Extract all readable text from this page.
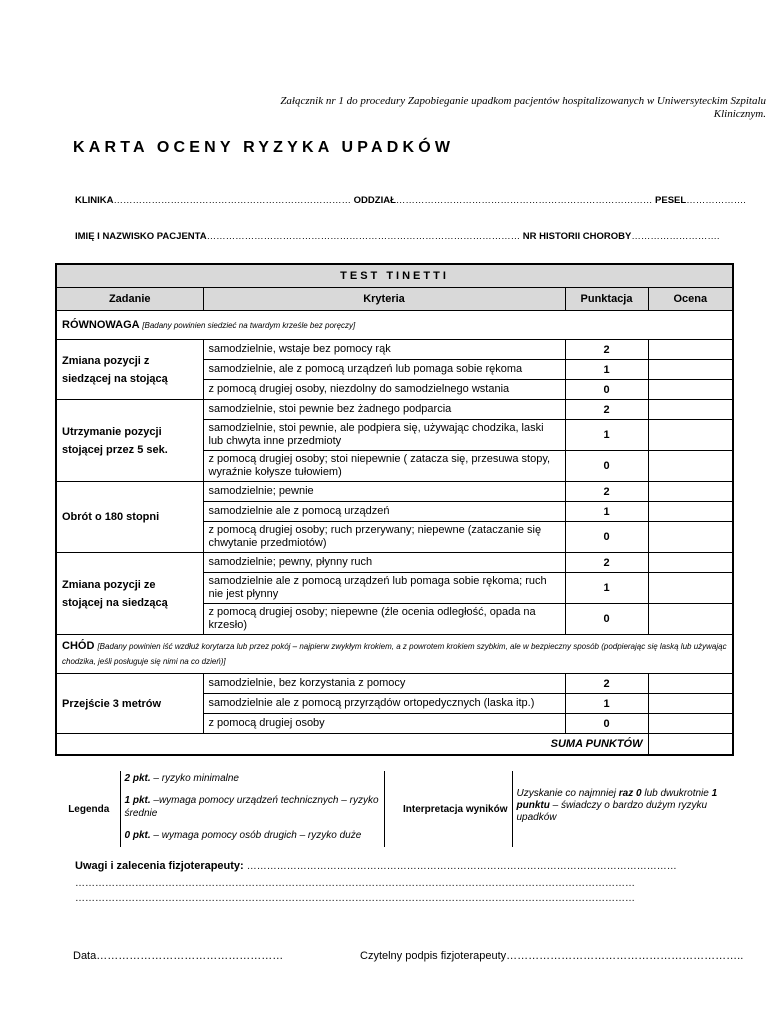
Załącznik nr 1 do procedury Zapobieganie upadkom pacjentów hospitalizowanych w Uniwersyteckim Szpitalu
Klinicznym.
KARTA OCENY RYZYKA UPADKÓW
KLINIKA………………………………………………………………… ODDZIAŁ……………………………………………………………………… PESEL……………….
IMIĘ I NAZWISKO PACJENTA……………………………………………………………………………………… NR HISTORII CHOROBY……………………….
TEST TINETTI			
Zadanie	Kryteria	Punktacja	Ocena
RÓWNOWAGA [Badany powinien siedzieć na twardym krześle bez poręczy]			
Zmiana pozycji z siedzącej na stojącą	samodzielnie, wstaje bez pomocy rąk	2	
	samodzielnie, ale z pomocą urządzeń lub pomaga sobie rękoma	1	
	z pomocą drugiej osoby, niezdolny do samodzielnego wstania	0	
Utrzymanie pozycji stojącej przez 5 sek.	samodzielnie, stoi pewnie bez żadnego podparcia	2	
	samodzielnie, stoi pewnie, ale podpiera się, używając chodzika, laski lub chwyta inne przedmioty	1	
	z pomocą drugiej osoby; stoi niepewnie ( zatacza się, przesuwa stopy, wyraźnie kołysze tułowiem)	0	
Obrót o 180 stopni	samodzielnie; pewnie	2	
	samodzielnie ale z pomocą urządzeń	1	
	z pomocą drugiej osoby; ruch przerywany; niepewne (zataczanie się chwytanie przedmiotów)	0	
Zmiana pozycji ze stojącej na siedzącą	samodzielnie; pewny, płynny ruch	2	
	samodzielnie ale z pomocą urządzeń lub pomaga sobie rękoma; ruch nie jest płynny	1	
	z pomocą drugiej osoby; niepewne (źle ocenia odległość, opada na krzesło)	0	
CHÓD [Badany powinien iść wzdłuż korytarza lub przez pokój – najpierw zwykłym krokiem, a z powrotem krokiem szybkim, ale w bezpieczny sposób (podpierając się laską lub używając chodzika, jeśli posługuje się nimi na co dzień)]			
Przejście 3 metrów	samodzielnie, bez korzystania z pomocy	2	
	samodzielnie ale z pomocą przyrządów ortopedycznych (laska itp.)	1	
	z pomocą drugiej osoby	0	
SUMA PUNKTÓW			
Legenda	
2 pkt. – ryzyko minimalne
1 pkt. –wymaga pomocy urządzeń technicznych – ryzyko średnie
0 pkt. – wymaga pomocy osób drugich – ryzyko duże
	Interpretacja wyników	Uzyskanie co najmniej raz 0 lub dwukrotnie 1 punktu – świadczy o bardzo dużym ryzyku upadków
Uwagi i zalecenia fizjoterapeuty: …………………………………………………………………………………………………………………
……………………………………………………………………………………………………………………………………………………
……………………………………………………………………………………………………………………………………………………
Data……………………………………………	Czytelny podpis fizjoterapeuty………………………………………………………..
